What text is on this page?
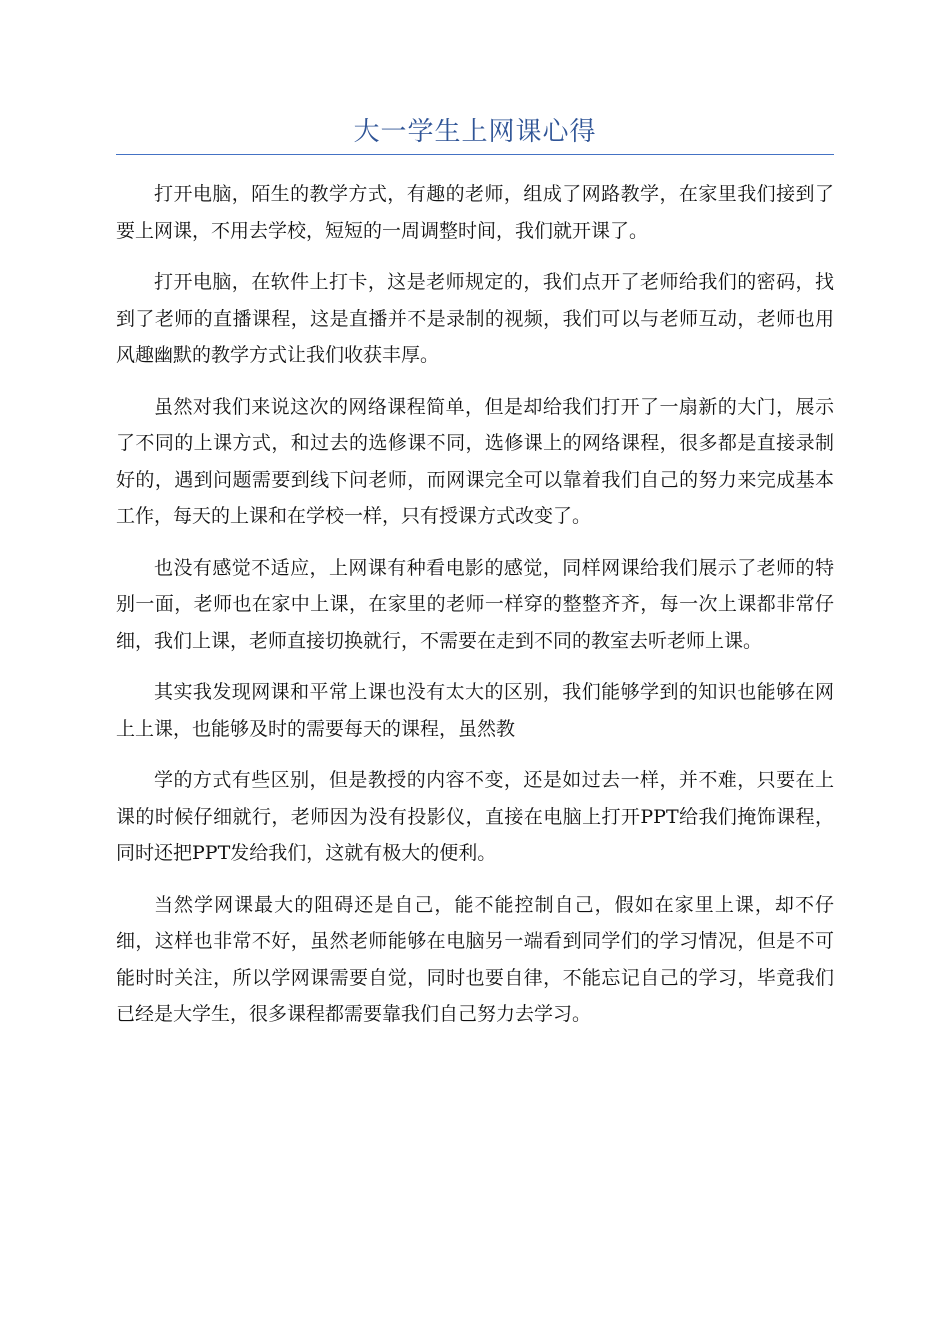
大一学生上网课心得

打开电脑，陌生的教学方式，有趣的老师，组成了网路教学，在家里我们接到了要上网课，不用去学校，短短的一周调整时间，我们就开课了。

打开电脑，在软件上打卡，这是老师规定的，我们点开了老师给我们的密码，找到了老师的直播课程，这是直播并不是录制的视频，我们可以与老师互动，老师也用风趣幽默的教学方式让我们收获丰厚。

虽然对我们来说这次的网络课程简单，但是却给我们打开了一扇新的大门，展示了不同的上课方式，和过去的选修课不同，选修课上的网络课程，很多都是直接录制好的，遇到问题需要到线下问老师，而网课完全可以靠着我们自己的努力来完成基本工作，每天的上课和在学校一样，只有授课方式改变了。

也没有感觉不适应，上网课有种看电影的感觉，同样网课给我们展示了老师的特别一面，老师也在家中上课，在家里的老师一样穿的整整齐齐，每一次上课都非常仔细，我们上课，老师直接切换就行，不需要在走到不同的教室去听老师上课。

其实我发现网课和平常上课也没有太大的区别，我们能够学到的知识也能够在网上上课，也能够及时的需要每天的课程，虽然教

学的方式有些区别，但是教授的内容不变，还是如过去一样，并不难，只要在上课的时候仔细就行，老师因为没有投影仪，直接在电脑上打开PPT给我们掩饰课程，同时还把PPT发给我们，这就有极大的便利。

当然学网课最大的阻碍还是自己，能不能控制自己，假如在家里上课，却不仔细，这样也非常不好，虽然老师能够在电脑另一端看到同学们的学习情况，但是不可能时时关注，所以学网课需要自觉，同时也要自律，不能忘记自己的学习，毕竟我们已经是大学生，很多课程都需要靠我们自己努力去学习。
